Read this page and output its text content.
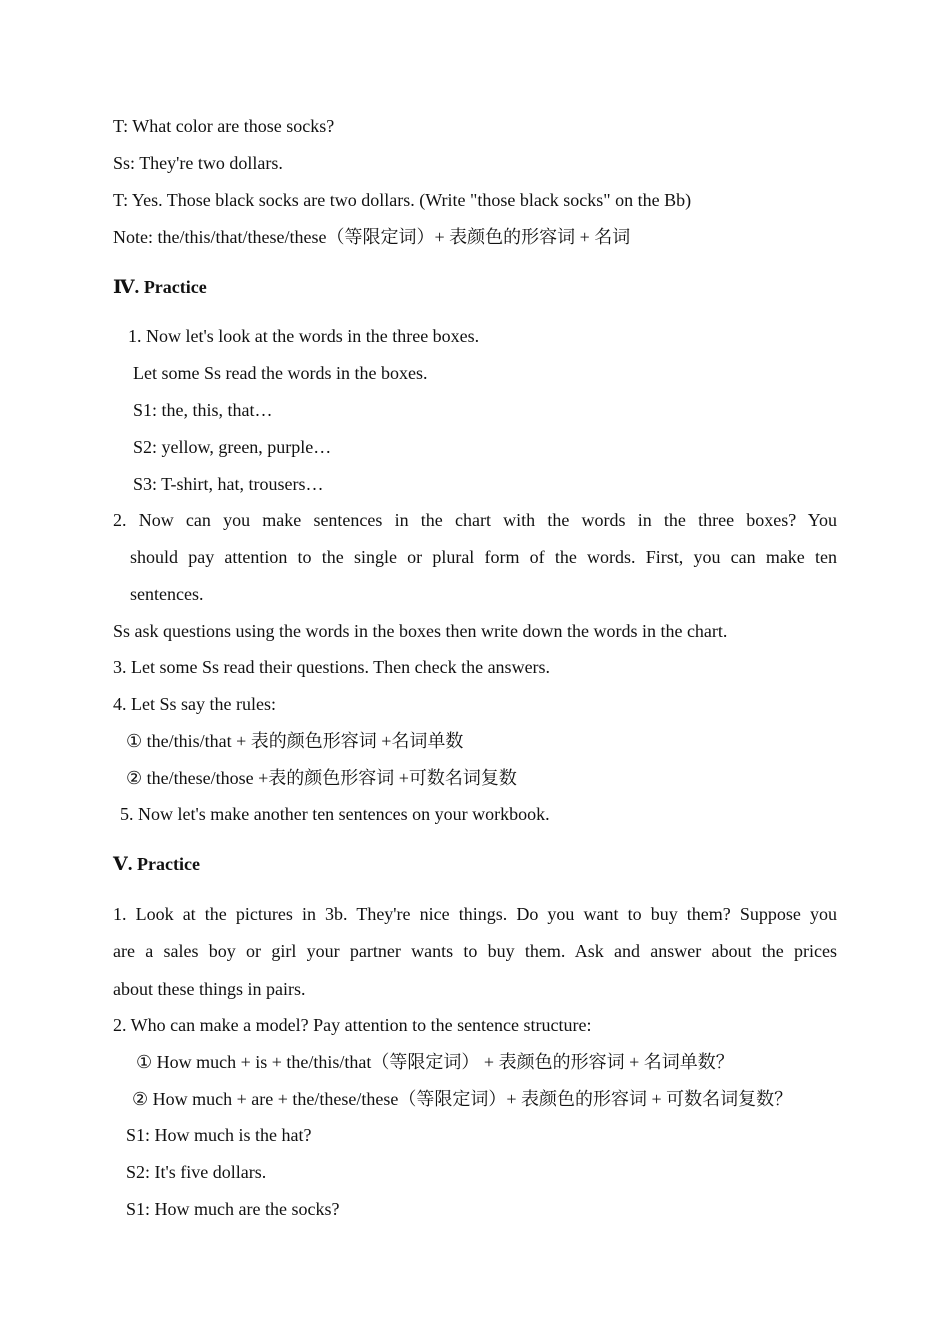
T: What color are those socks?

Ss: They're two dollars.

T: Yes. Those black socks are two dollars. (Write "those black socks" on the Bb)

Note: the/this/that/these/these（等限定词）+ 表颜色的形容词 + 名词

Ⅳ. Practice

1. Now let's look at the words in the three boxes.

Let some Ss read the words in the boxes.

S1: the, this, that…

S2: yellow, green, purple…

S3: T-shirt, hat, trousers…

2. Now can you make sentences in the chart with the words in the three boxes? You

should pay attention to the single or plural form of the words. First, you can make ten

sentences.

Ss ask questions using the words in the boxes then write down the words in the chart.

3. Let some Ss read their questions. Then check the answers.

4. Let Ss say the rules:

① the/this/that + 表的颜色形容词 +名词单数

② the/these/those +表的颜色形容词 +可数名词复数

5. Now let's make another ten sentences on your workbook.

Ⅴ. Practice

1. Look at the pictures in 3b. They're nice things. Do you want to buy them? Suppose you

are a sales boy or girl your partner wants to buy them. Ask and answer about the prices

about these things in pairs.

2. Who can make a model? Pay attention to the sentence structure:

① How much + is + the/this/that（等限定词） + 表颜色的形容词 + 名词单数？

② How much + are + the/these/these（等限定词）+ 表颜色的形容词 + 可数名词复数？

S1: How much is the hat?

S2: It's five dollars.

S1: How much are the socks?
